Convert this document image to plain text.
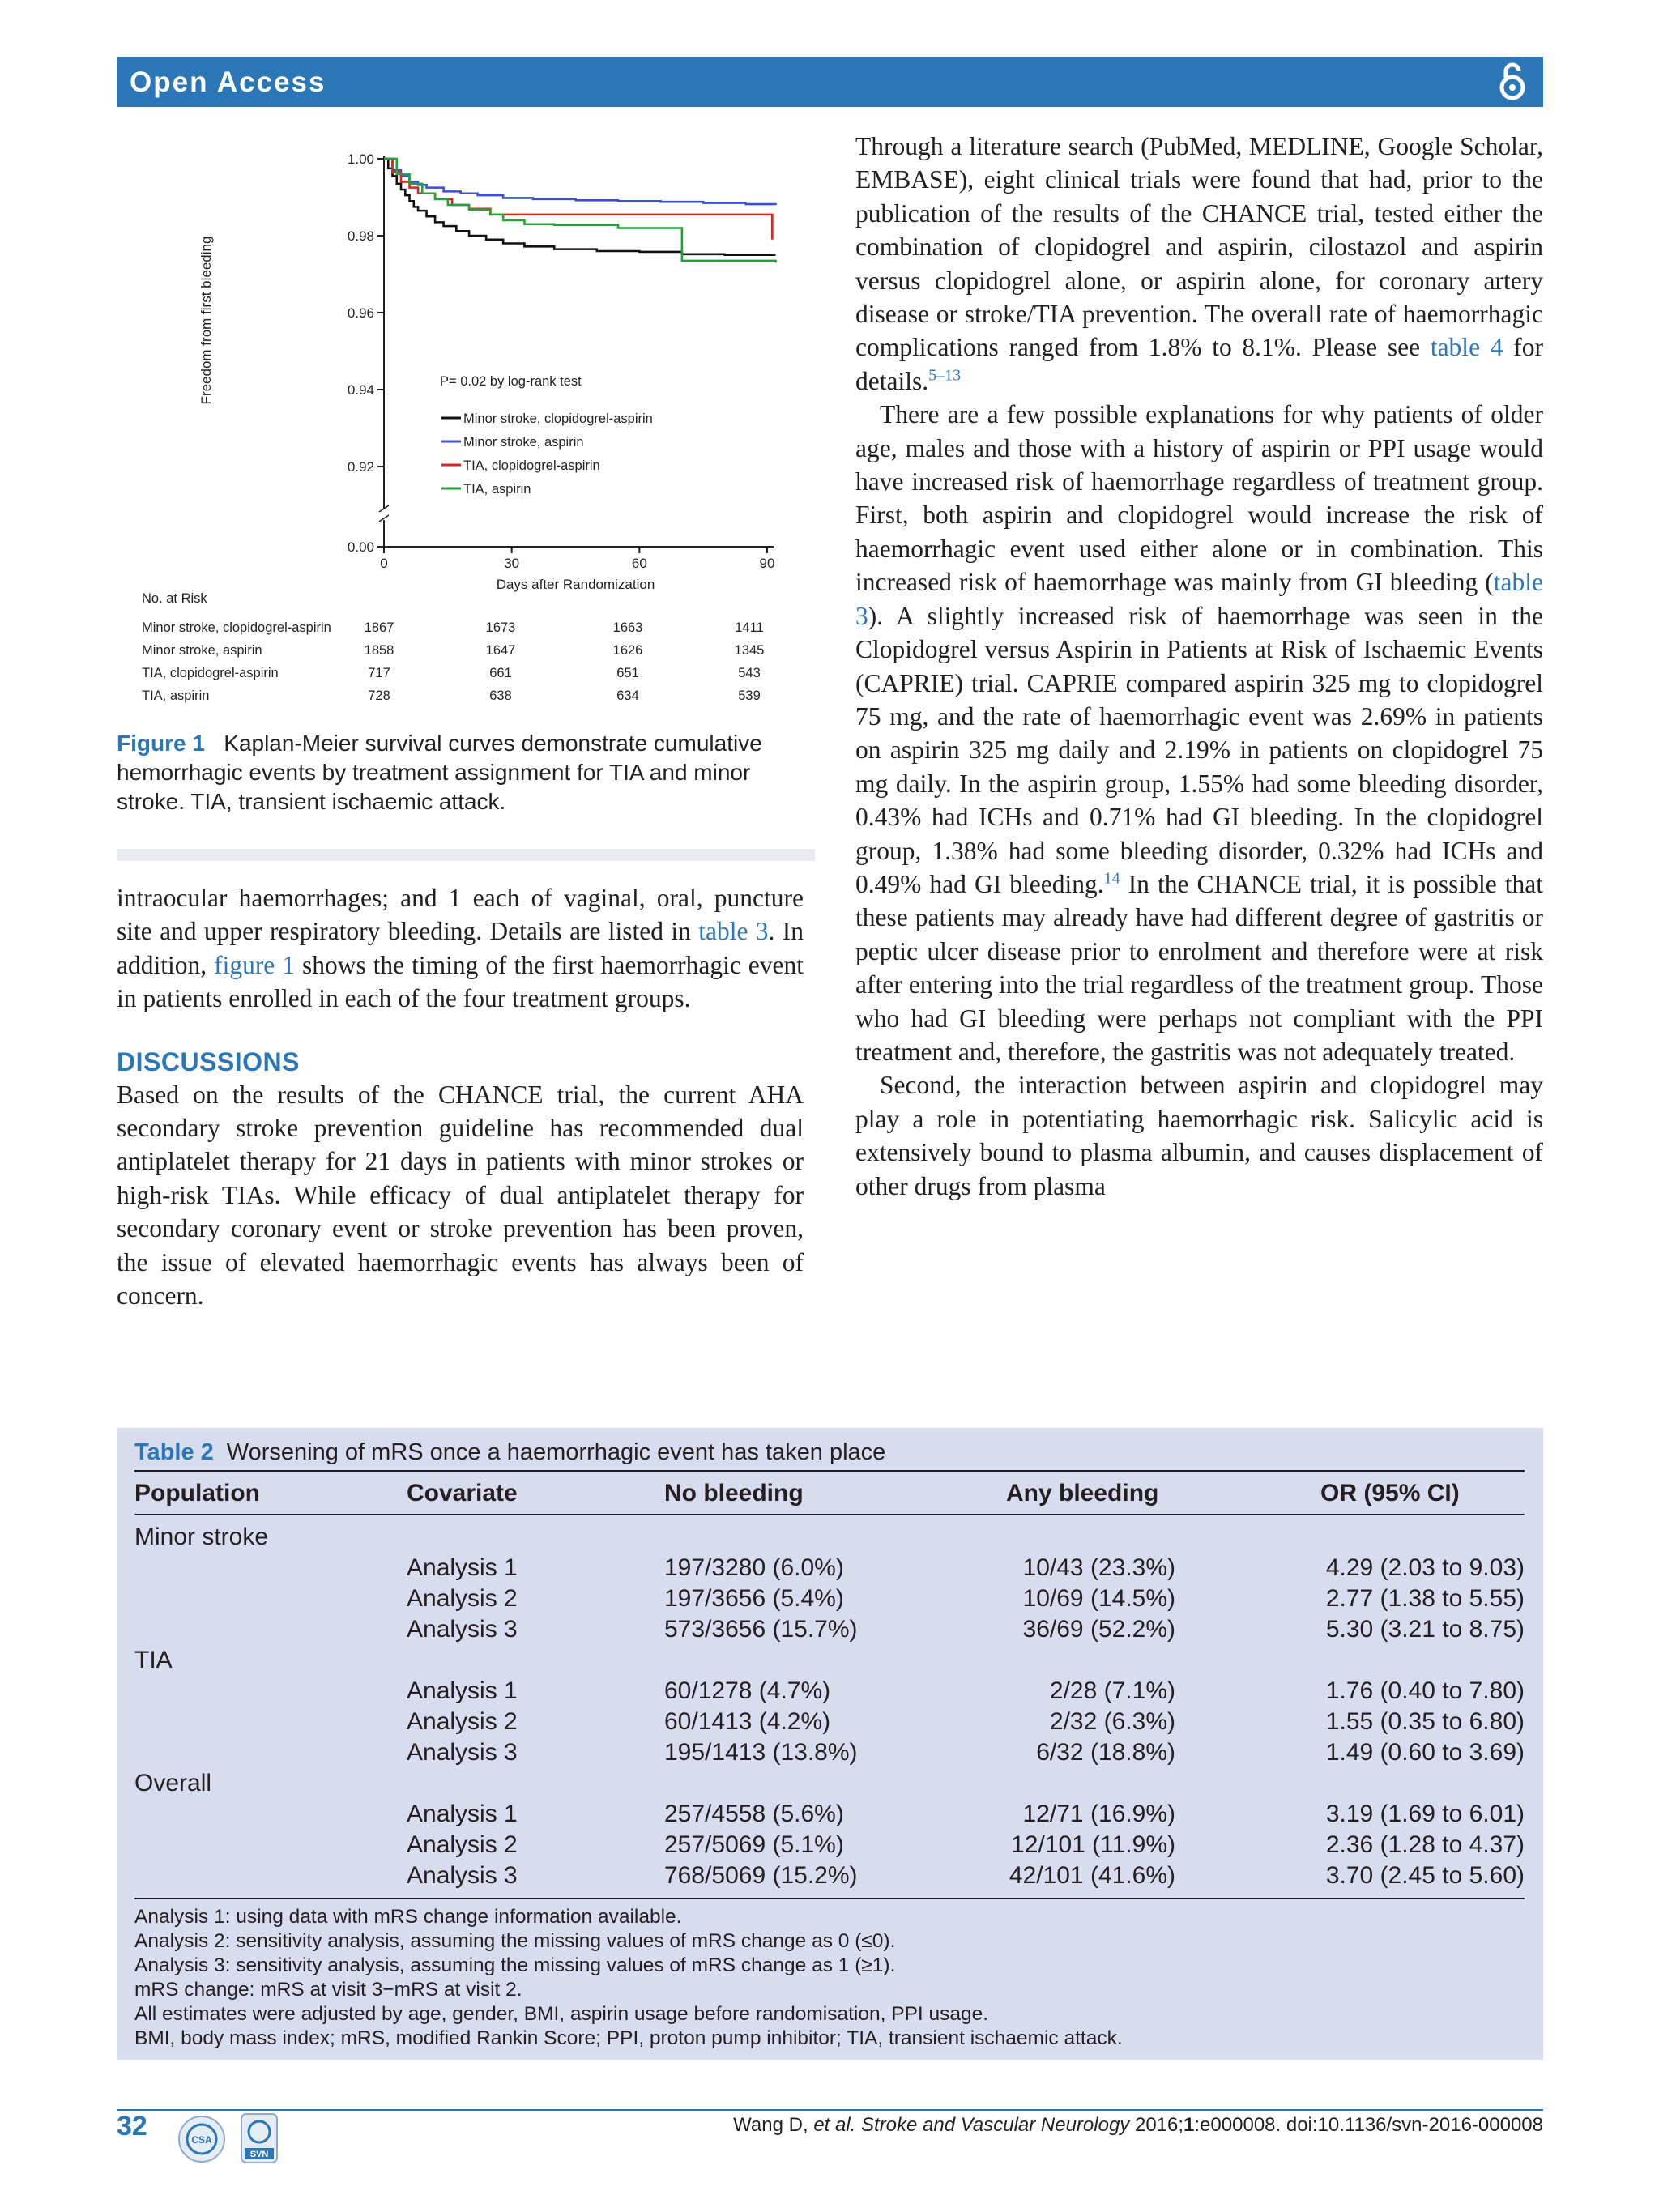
Open Access
1.00
0.98
0.96
0.94
0.92
0.00
0	30	60	90
Days after Randomization
Freedom from first bleeding	P= 0.02 by log-rank test
Minor stroke, clopidogrel-aspirin
Minor stroke, aspirin
TIA, clopidogrel-aspirin
TIA, aspirin
No. at Risk
Minor stroke, clopidogrel-aspirin 1867	1673	1663	1411
Minor stroke, aspirin	1858	1647	1626	1345
TIA, clopidogrel-aspirin	717	661	651	543
TIA, aspirin	728	638	634	539
Figure 1 Kaplan-Meier survival curves demonstrate cumulative hemorrhagic events by treatment assignment for TIA and minor stroke. TIA, transient ischaemic attack.

intraocular haemorrhages; and 1 each of vaginal, oral, puncture site and upper respiratory bleeding. Details are listed in table 3. In addition, figure 1 shows the timing of the first haemorrhagic event in patients enrolled in each of the four treatment groups.

DISCUSSIONS

Based on the results of the CHANCE trial, the current AHA secondary stroke prevention guideline has recommended dual antiplatelet therapy for 21 days in patients with minor strokes or high-risk TIAs. While efficacy of dual antiplatelet therapy for secondary coronary event or stroke prevention has been proven, the issue of elevated haemorrhagic events has always been of concern.

Through a literature search (PubMed, MEDLINE, Google Scholar, EMBASE), eight clinical trials were found that had, prior to the publication of the results of the CHANCE trial, tested either the combination of clopidogrel and aspirin, cilostazol and aspirin versus clopidogrel alone, or aspirin alone, for coronary artery disease or stroke/TIA prevention. The overall rate of haemorrhagic complications ranged from 1.8% to 8.1%. Please see table 4 for details.$^{5-13}$

There are a few possible explanations for why patients of older age, males and those with a history of aspirin or PPI usage would have increased risk of haemorrhage regardless of treatment group. First, both aspirin and clopidogrel would increase the risk of haemorrhagic event used either alone or in combination. This increased risk of haemorrhage was mainly from GI bleeding (table 3). A slightly increased risk of haemorrhage was seen in the Clopidogrel versus Aspirin in Patients at Risk of Ischaemic Events (CAPRIE) trial. CAPRIE compared aspirin 325 mg to clopidogrel 75 mg, and the rate of haemorrhagic event was 2.69% in patients on aspirin 325 mg daily and 2.19% in patients on clopidogrel 75 mg daily. In the aspirin group, 1.55% had some bleeding disorder, 0.43% had ICHs and 0.71% had GI bleeding. In the clopidogrel group, 1.38% had some bleeding disorder, 0.32% had ICHs and 0.49% had GI bleeding.$^{14}$ In the CHANCE trial, it is possible that these patients may already have had different degree of gastritis or peptic ulcer disease prior to enrolment and therefore were at risk after entering into the trial regardless of the treatment group. Those who had GI bleeding were perhaps not compliant with the PPI treatment and, therefore, the gastritis was not adequately treated.

Second, the interaction between aspirin and clopidogrel may play a role in potentiating haemorrhagic risk. Salicylic acid is extensively bound to plasma albumin, and causes displacement of other drugs from plasma

Table 2 Worsening of mRS once a haemorrhagic event has taken place
Population	Covariate	No bleeding	Any bleeding	OR (95% CI)
Minor stroke
Analysis 1	197/3280 (6.0%)	10/43 (23.3%)	4.29 (2.03 to 9.03)
Analysis 2	197/3656 (5.4%)	10/69 (14.5%)	2.77 (1.38 to 5.55)
Analysis 3	573/3656 (15.7%)	36/69 (52.2%)	5.30 (3.21 to 8.75)
TIA
Analysis 1	60/1278 (4.7%)	2/28 (7.1%)	1.76 (0.40 to 7.80)
Analysis 2	60/1413 (4.2%)	2/32 (6.3%)	1.55 (0.35 to 6.80)
Analysis 3	195/1413 (13.8%)	6/32 (18.8%)	1.49 (0.60 to 3.69)
Overall
Analysis 1	257/4558 (5.6%)	12/71 (16.9%)	3.19 (1.69 to 6.01)
Analysis 2	257/5069 (5.1%)	12/101 (11.9%)	2.36 (1.28 to 4.37)
Analysis 3	768/5069 (15.2%)	42/101 (41.6%)	3.70 (2.45 to 5.60)
Analysis 1: using data with mRS change information available.
Analysis 2: sensitivity analysis, assuming the missing values of mRS change as 0 (≤0).
Analysis 3: sensitivity analysis, assuming the missing values of mRS change as 1 (≥1).
mRS change: mRS at visit 3−mRS at visit 2.
All estimates were adjusted by age, gender, BMI, aspirin usage before randomisation, PPI usage.
BMI, body mass index; mRS, modified Rankin Score; PPI, proton pump inhibitor; TIA, transient ischaemic attack.
32	CSA
SVN
Wang D, et al. Stroke and Vascular Neurology 2016;1:e000008. doi:10.1136/svn-2016-000008
